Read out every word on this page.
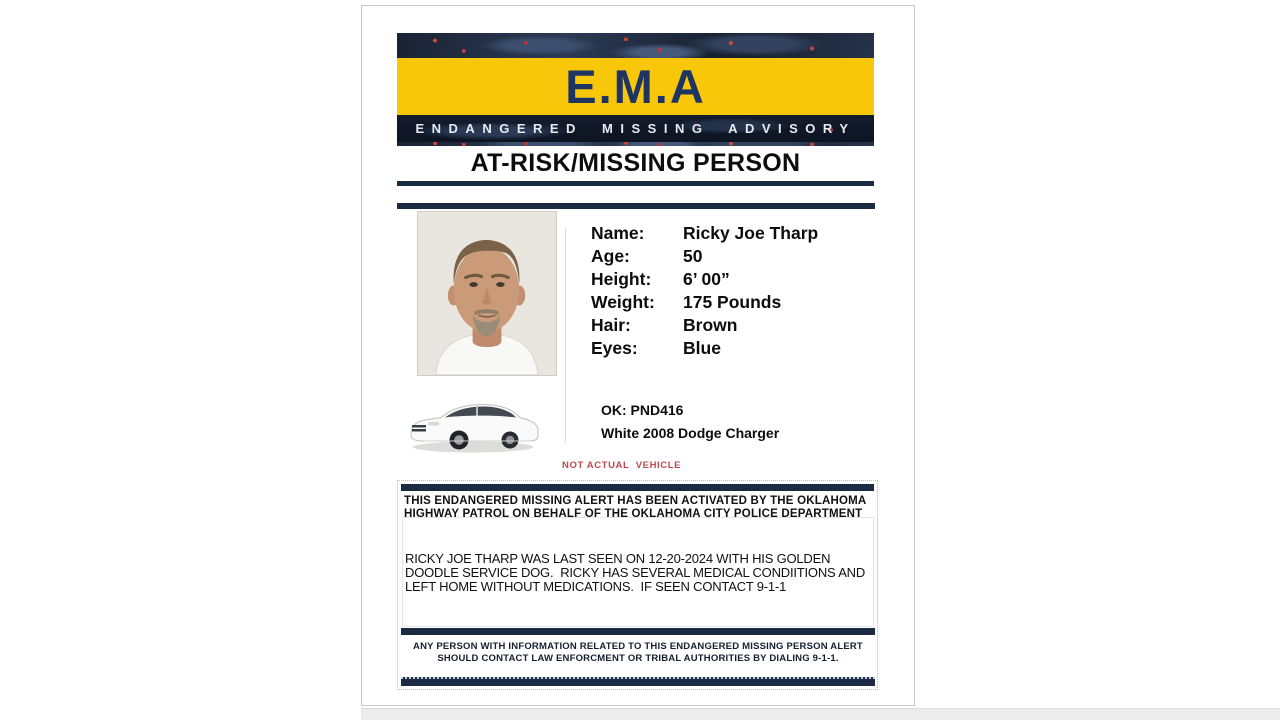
E.M.A
ENDANGERED MISSING ADVISORY
AT-RISK/MISSING PERSON
Name:	Ricky Joe Tharp
Age:	50
Height:	6’ 00”
Weight:	175 Pounds
Hair:	Brown
Eyes:	Blue
OK: PND416
White 2008 Dodge Charger
NOT ACTUAL  VEHICLE
THIS ENDANGERED MISSING ALERT HAS BEEN ACTIVATED BY THE OKLAHOMA HIGHWAY PATROL ON BEHALF OF THE OKLAHOMA CITY POLICE DEPARTMENT
RICKY JOE THARP WAS LAST SEEN ON 12-20-2024 WITH HIS GOLDEN DOODLE SERVICE DOG.  RICKY HAS SEVERAL MEDICAL CONDIITIONS AND LEFT HOME WITHOUT MEDICATIONS.  IF SEEN CONTACT 9-1-1
ANY PERSON WITH INFORMATION RELATED TO THIS ENDANGERED MISSING PERSON ALERT SHOULD CONTACT LAW ENFORCMENT OR TRIBAL AUTHORITIES BY DIALING 9-1-1.
